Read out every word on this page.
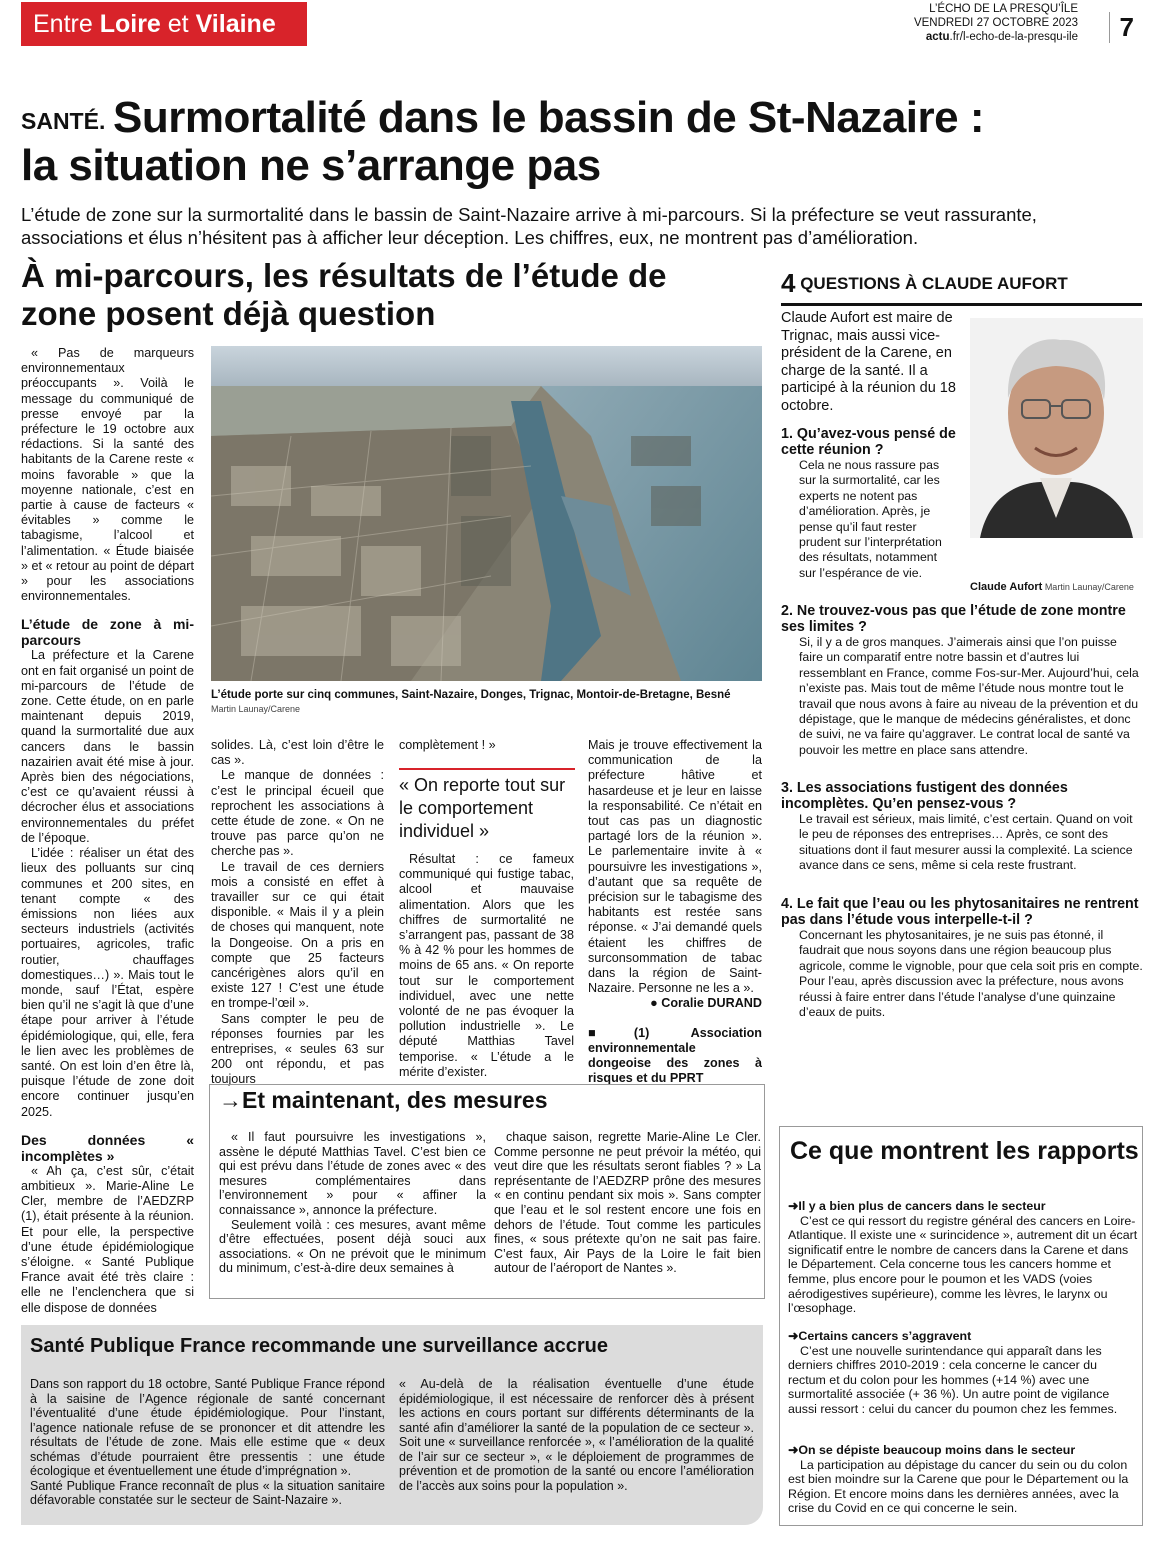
Entre Loire et Vilaine
L’ÉCHO DE LA PRESQU’ÎLE
VENDREDI 27 OCTOBRE 2023
actu.fr/l-echo-de-la-presqu-ile	7
SANTÉ. Surmortalité dans le bassin de St-Nazaire :
la situation ne s’arrange pas

L’étude de zone sur la surmortalité dans le bassin de Saint-Nazaire arrive à mi-parcours. Si la préfecture se veut rassurante, associations et élus n’hésitent pas à afficher leur déception. Les chiffres, eux, ne montrent pas d’amélioration.

À mi-parcours, les résultats de l’étude de zone posent déjà question

« Pas de marqueurs environnementaux préoccupants ». Voilà le message du communiqué de presse envoyé par la préfecture le 19 octobre aux rédactions. Si la santé des habitants de la Carene reste « moins favorable » que la moyenne nationale, c’est en partie à cause de facteurs « évitables » comme le tabagisme, l’alcool et l’alimentation. « Étude biaisée » et « retour au point de départ » pour les associations environnementales.

L’étude de zone à mi-parcours

La préfecture et la Carene ont en fait organisé un point de mi-parcours de l’étude de zone. Cette étude, on en parle maintenant depuis 2019, quand la surmortalité due aux cancers dans le bassin nazairien avait été mise à jour. Après bien des négociations, c’est ce qu’avaient réussi à décrocher élus et associations environnementales du préfet de l’époque.

L’idée : réaliser un état des lieux des polluants sur cinq communes et 200 sites, en tenant compte « des émissions non liées aux secteurs industriels (activités portuaires, agricoles, trafic routier, chauffages domestiques…) ». Mais tout le monde, sauf l’État, espère bien qu’il ne s’agit là que d’une étape pour arriver à l’étude épidémiologique, qui, elle, fera le lien avec les problèmes de santé. On est loin d’en être là, puisque l’étude de zone doit encore continuer jusqu’en 2025.

Des données « incomplètes »

« Ah ça, c’est sûr, c’était ambitieux ». Marie-Aline Le Cler, membre de l’AEDZRP (1), était présente à la réunion. Et pour elle, la perspective d’une étude épidémiologique s’éloigne. « Santé Publique France avait été très claire : elle ne l’enclenchera que si elle dispose de données

L’étude porte sur cinq communes, Saint-Nazaire, Donges, Trignac, Montoir-de-Bretagne, Besné
Martin Launay/Carene

solides. Là, c’est loin d’être le cas ».

Le manque de données : c’est le principal écueil que reprochent les associations à cette étude de zone. « On ne trouve pas parce qu’on ne cherche pas ».

Le travail de ces derniers mois a consisté en effet à travailler sur ce qui était disponible. « Mais il y a plein de choses qui manquent, note la Dongeoise. On a pris en compte que 25 facteurs cancérigènes alors qu’il en existe 127 ! C’est une étude en trompe-l’œil ».

Sans compter le peu de réponses fournies par les entreprises, « seules 63 sur 200 ont répondu, et pas toujours

complètement ! »

« On reporte tout sur le comportement individuel »

Résultat : ce fameux communiqué qui fustige tabac, alcool et mauvaise alimentation. Alors que les chiffres de surmortalité ne s’arrangent pas, passant de 38 % à 42 % pour les hommes de moins de 65 ans. « On reporte tout sur le comportement individuel, avec une nette volonté de ne pas évoquer la pollution industrielle ». Le député Matthias Tavel temporise. « L’étude a le mérite d’exister.

Mais je trouve effectivement la communication de la préfecture hâtive et hasardeuse et je leur en laisse la responsabilité. Ce n’était en tout cas pas un diagnostic partagé lors de la réunion ». Le parlementaire invite à « poursuivre les investigations », d’autant que sa requête de précision sur le tabagisme des habitants est restée sans réponse. « J’ai demandé quels étaient les chiffres de surconsommation de tabac dans la région de Saint-Nazaire. Personne ne les a ».

● Coralie DURAND

■(1) Association environnementale dongeoise des zones à risques et du PPRT

4 QUESTIONS À CLAUDE AUFORT

Claude Aufort est maire de Trignac, mais aussi vice-président de la Carene, en charge de la santé. Il a participé à la réunion du 18 octobre.

Claude Aufort Martin Launay/Carene
1. Qu’avez-vous pensé de cette réunion ?
Cela ne nous rassure pas sur la surmortalité, car les experts ne notent pas d’amélioration. Après, je pense qu’il faut rester prudent sur l’interprétation des résultats, notamment sur l’espérance de vie.
2. Ne trouvez-vous pas que l’étude de zone montre ses limites ?
Si, il y a de gros manques. J’aimerais ainsi que l’on puisse faire un comparatif entre notre bassin et d’autres lui ressemblant en France, comme Fos-sur-Mer. Aujourd’hui, cela n’existe pas. Mais tout de même l’étude nous montre tout le travail que nous avons à faire au niveau de la prévention et du dépistage, que le manque de médecins généralistes, et donc de suivi, ne va faire qu’aggraver. Le contrat local de santé va pouvoir les mettre en place sans attendre.
3. Les associations fustigent des données incomplètes. Qu’en pensez-vous ?
Le travail est sérieux, mais limité, c’est certain. Quand on voit le peu de réponses des entreprises… Après, ce sont des situations dont il faut mesurer aussi la complexité. La science avance dans ce sens, même si cela reste frustrant.
4. Le fait que l’eau ou les phytosanitaires ne rentrent pas dans l’étude vous interpelle-t-il ?
Concernant les phytosanitaires, je ne suis pas étonné, il faudrait que nous soyons dans une région beaucoup plus agricole, comme le vignoble, pour que cela soit pris en compte. Pour l’eau, après discussion avec la préfecture, nous avons réussi à faire entrer dans l’étude l’analyse d’une quinzaine d’eaux de puits.
→Et maintenant, des mesures

« Il faut poursuivre les investigations », assène le député Matthias Tavel. C’est bien ce qui est prévu dans l’étude de zones avec « des mesures complémentaires dans l’environnement » pour « affiner la connaissance », annonce la préfecture.

Seulement voilà : ces mesures, avant même d’être effectuées, posent déjà souci aux associations. « On ne prévoit que le minimum du minimum, c’est-à-dire deux semaines à

chaque saison, regrette Marie-Aline Le Cler. Comme personne ne peut prévoir la météo, qui veut dire que les résultats seront fiables ? » La représentante de l’AEDZRP prône des mesures « en continu pendant six mois ». Sans compter que l’eau et le sol restent encore une fois en dehors de l’étude. Tout comme les particules fines, « sous prétexte qu’on ne sait pas faire. C’est faux, Air Pays de la Loire le fait bien autour de l’aéroport de Nantes ».

Ce que montrent les rapports
➜Il y a bien plus de cancers dans le secteur

C’est ce qui ressort du registre général des cancers en Loire-Atlantique. Il existe une « surincidence », autrement dit un écart significatif entre le nombre de cancers dans la Carene et dans le Département. Cela concerne tous les cancers homme et femme, plus encore pour le poumon et les VADS (voies aérodigestives supérieure), comme les lèvres, le larynx ou l’œsophage.

➜Certains cancers s’aggravent

C’est une nouvelle surintendance qui apparaît dans les derniers chiffres 2010-2019 : cela concerne le cancer du rectum et du colon pour les hommes (+14 %) avec une surmortalité associée (+ 36 %). Un autre point de vigilance aussi ressort : celui du cancer du poumon chez les femmes.

➜On se dépiste beaucoup moins dans le secteur

La participation au dépistage du cancer du sein ou du colon est bien moindre sur la Carene que pour le Département ou la Région. Et encore moins dans les dernières années, avec la crise du Covid en ce qui concerne le sein.

Santé Publique France recommande une surveillance accrue

Dans son rapport du 18 octobre, Santé Publique France répond à la saisine de l’Agence régionale de santé concernant l’éventualité d’une étude épidémiologique. Pour l’instant, l’agence nationale refuse de se prononcer et dit attendre les résultats de l’étude de zone. Mais elle estime que « deux schémas d’étude pourraient être pressentis : une étude écologique et éventuellement une étude d’imprégnation ».

Santé Publique France reconnaît de plus « la situation sanitaire défavorable constatée sur le secteur de Saint-Nazaire ».

« Au-delà de la réalisation éventuelle d’une étude épidémiologique, il est nécessaire de renforcer dès à présent les actions en cours portant sur différents déterminants de la santé afin d’améliorer la santé de la population de ce secteur ». Soit une « surveillance renforcée », « l’amélioration de la qualité de l’air sur ce secteur », « le déploiement de programmes de prévention et de promotion de la santé ou encore l’amélioration de l’accès aux soins pour la population ».
